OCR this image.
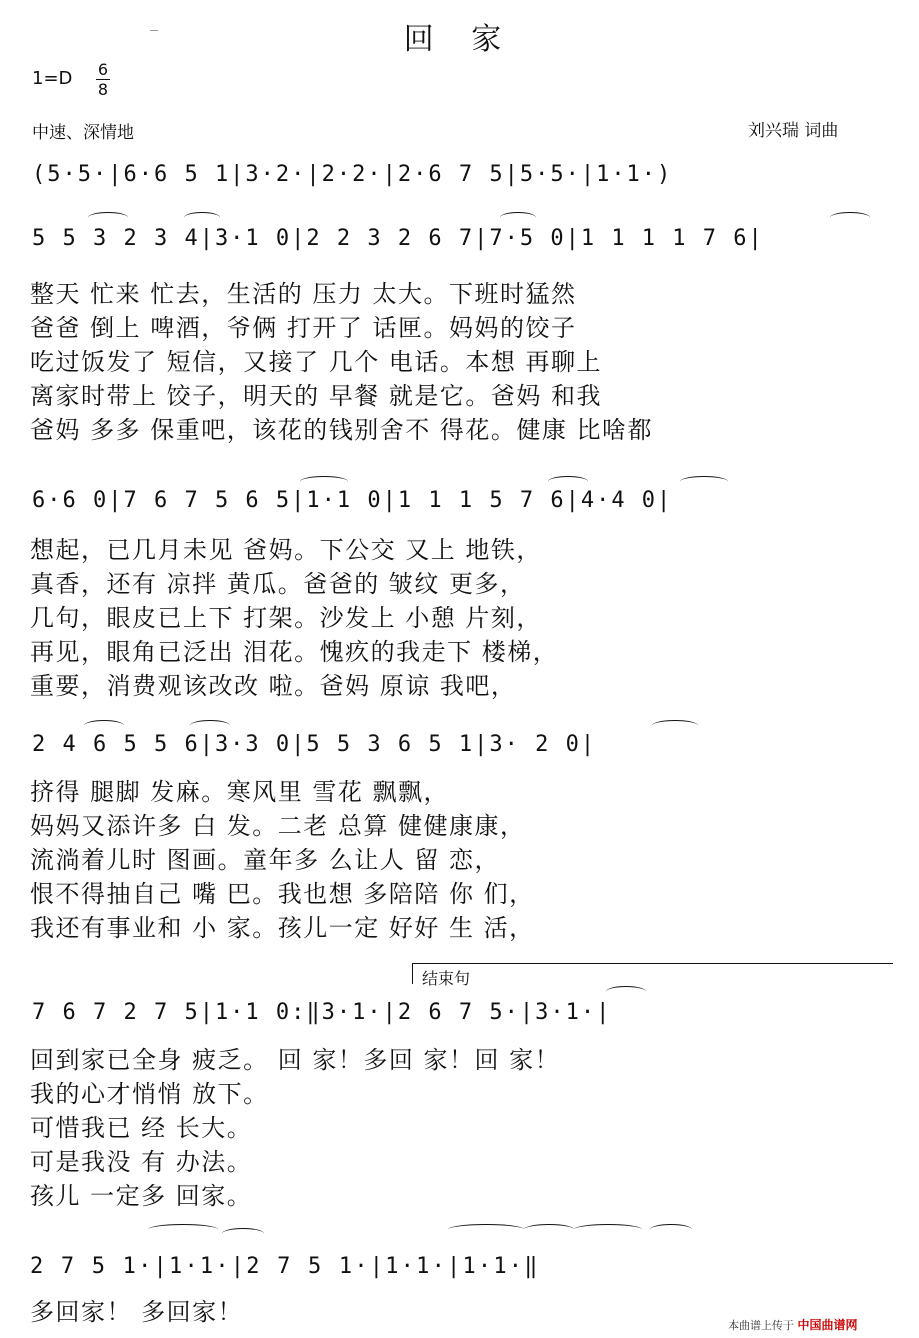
回 家
$1=D \frac{6}{8}$
中速、深情地	刘兴瑞 词曲
(5·5·|6·6 5 1|3·2·|2·2·|2·6 7 5|5·5·|1·1·)
5 5 3 2 3 4|3·1 0|2 2 3 2 6 7|7·5 0|1 1 1 1 7 6|
整天 忙来 忙去，生活的 压力 太大。下班时猛然
爸爸 倒上 啤酒，爷俩 打开了 话匣。妈妈的饺子
吃过饭发了 短信，又接了 几个 电话。本想 再聊上
离家时带上 饺子，明天的 早餐 就是它。爸妈 和我
爸妈 多多 保重吧，该花的钱别舍不 得花。健康 比啥都
6·6 0|7 6 7 5 6 5|1·1 0|1 1 1 5 7 6|4·4 0|
想起，已几月未见 爸妈。下公交 又上 地铁，
真香，还有 凉拌 黄瓜。爸爸的 皱纹 更多，
几句，眼皮已上下 打架。沙发上 小憩 片刻，
再见，眼角已泛出 泪花。愧疚的我走下 楼梯，
重要，消费观该改改 啦。爸妈 原谅 我吧，
2 4 6 5 5 6|3·3 0|5 5 3 6 5 1|3· 2 0|
挤得 腿脚 发麻。寒风里 雪花 飘飘，
妈妈又添许多 白 发。二老 总算 健健康康，
流淌着儿时 图画。童年多 么让人 留 恋，
恨不得抽自己 嘴 巴。我也想 多陪陪 你 们，
我还有事业和 小 家。孩儿一定 好好 生 活，
结束句
7 6 7 2 7 5|1·1 0:‖3·1·|2 6 7 5·|3·1·|
回到家已全身 疲乏。 回 家！多回 家！回 家！
我的心才悄悄 放下。
可惜我已 经 长大。
可是我没 有 办法。
孩儿 一定多 回家。
2 7 5 1·|1·1·|2 7 5 1·|1·1·|1·1·‖
多回家！ 多回家！	本曲谱上传于 中国曲谱网
